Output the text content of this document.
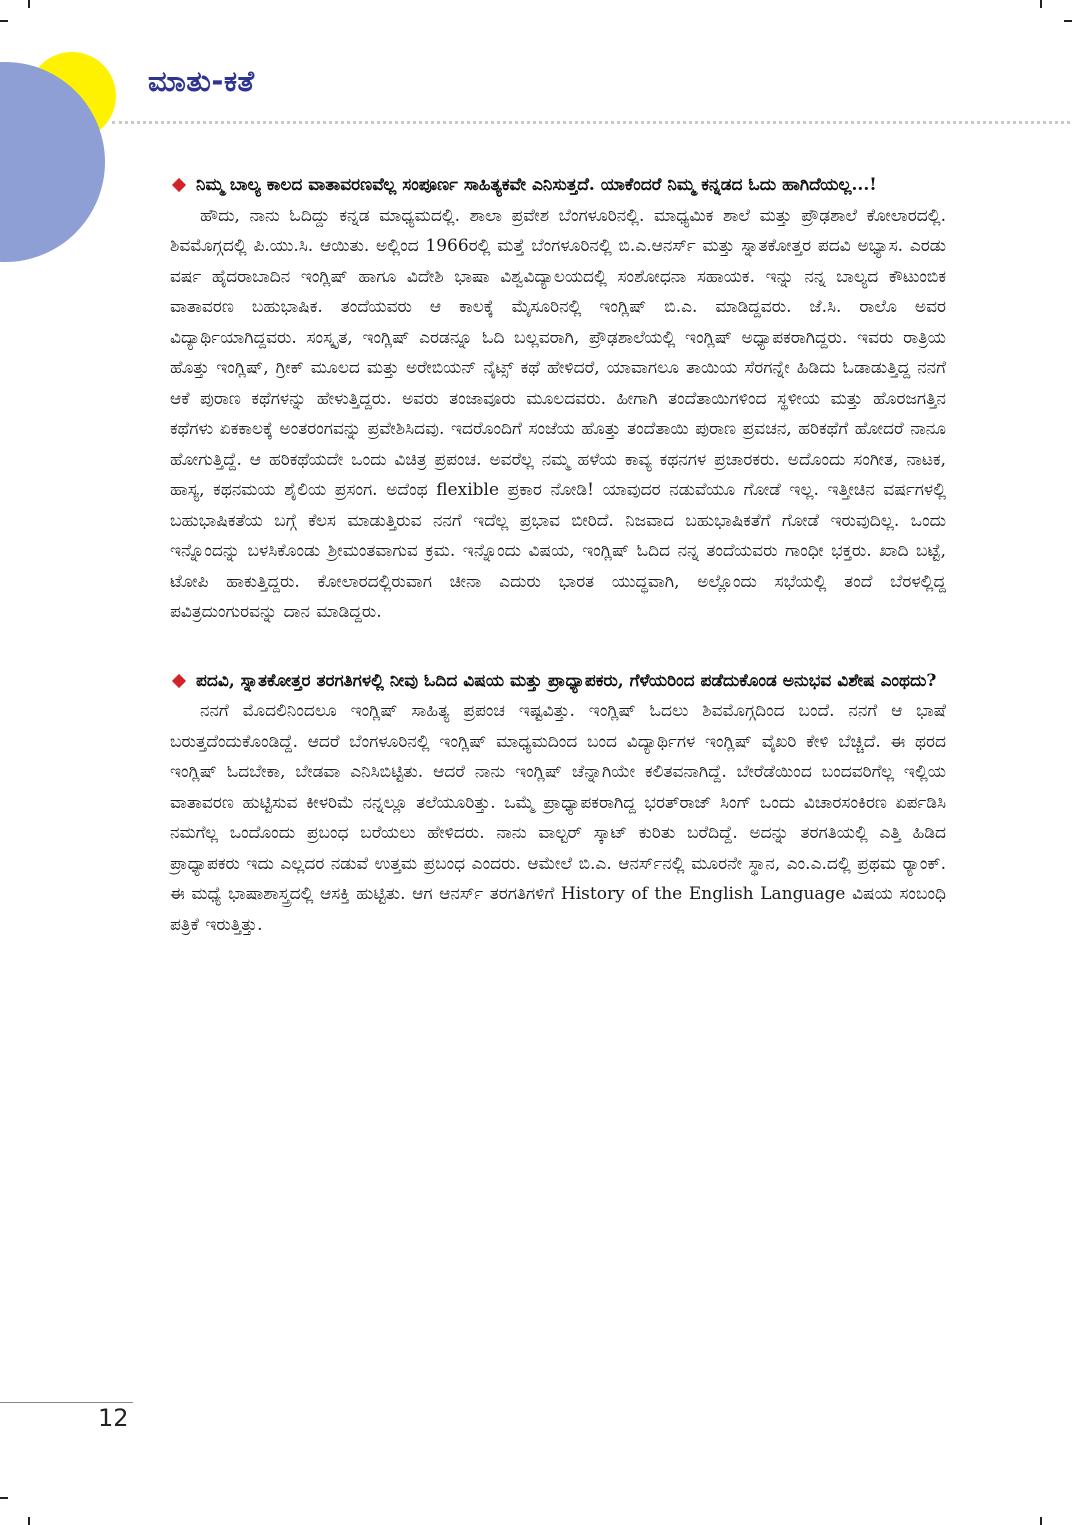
ಮಾತು-ಕತೆ

ನಿಮ್ಮ ಬಾಲ್ಯ ಕಾಲದ ವಾತಾವರಣವೆಲ್ಲ ಸಂಪೂರ್ಣ ಸಾಹಿತ್ಯಕವೇ ಎನಿಸುತ್ತದೆ. ಯಾಕೆಂದರೆ ನಿಮ್ಮ ಕನ್ನಡದ ಓದು ಹಾಗಿದೆಯಲ್ಲ...!

ಹೌದು, ನಾನು ಓದಿದ್ದು ಕನ್ನಡ ಮಾಧ್ಯಮದಲ್ಲಿ. ಶಾಲಾ ಪ್ರವೇಶ ಬೆಂಗಳೂರಿನಲ್ಲಿ. ಮಾಧ್ಯಮಿಕ ಶಾಲೆ ಮತ್ತು ಪ್ರೌಢಶಾಲೆ ಕೋಲಾರದಲ್ಲಿ. ಶಿವಮೊಗ್ಗದಲ್ಲಿ ಪಿ.ಯು.ಸಿ. ಆಯಿತು. ಅಲ್ಲಿಂದ 1966ರಲ್ಲಿ ಮತ್ತೆ ಬೆಂಗಳೂರಿನಲ್ಲಿ ಬಿ.ಎ.ಆನರ್ಸ್ ಮತ್ತು ಸ್ನಾತಕೋತ್ತರ ಪದವಿ ಅಭ್ಯಾಸ. ಎರಡು ವರ್ಷ ಹೈದರಾಬಾದಿನ ಇಂಗ್ಲಿಷ್ ಹಾಗೂ ವಿದೇಶಿ ಭಾಷಾ ವಿಶ್ವವಿದ್ಯಾಲಯದಲ್ಲಿ ಸಂಶೋಧನಾ ಸಹಾಯಕ. ಇನ್ನು ನನ್ನ ಬಾಲ್ಯದ ಕೌಟುಂಬಿಕ ವಾತಾವರಣ ಬಹುಭಾಷಿಕ. ತಂದೆಯವರು ಆ ಕಾಲಕ್ಕೆ ಮೈಸೂರಿನಲ್ಲಿ ಇಂಗ್ಲಿಷ್ ಬಿ.ಎ. ಮಾಡಿದ್ದವರು. ಜೆ.ಸಿ. ರಾಲೊ ಅವರ ವಿದ್ಯಾರ್ಥಿಯಾಗಿದ್ದವರು. ಸಂಸ್ಕೃತ, ಇಂಗ್ಲಿಷ್ ಎರಡನ್ನೂ ಓದಿ ಬಲ್ಲವರಾಗಿ, ಪ್ರೌಢಶಾಲೆಯಲ್ಲಿ ಇಂಗ್ಲಿಷ್ ಅಧ್ಯಾಪಕರಾಗಿದ್ದರು. ಇವರು ರಾತ್ರಿಯ ಹೊತ್ತು ಇಂಗ್ಲಿಷ್, ಗ್ರೀಕ್ ಮೂಲದ ಮತ್ತು ಅರೇಬಿಯನ್ ನೈಟ್ಸ್ ಕಥೆ ಹೇಳಿದರೆ, ಯಾವಾಗಲೂ ತಾಯಿಯ ಸೆರಗನ್ನೇ ಹಿಡಿದು ಓಡಾಡುತ್ತಿದ್ದ ನನಗೆ ಆಕೆ ಪುರಾಣ ಕಥೆಗಳನ್ನು ಹೇಳುತ್ತಿದ್ದರು. ಅವರು ತಂಜಾವೂರು ಮೂಲದವರು. ಹೀಗಾಗಿ ತಂದೆತಾಯಿಗಳಿಂದ ಸ್ಥಳೀಯ ಮತ್ತು ಹೊರಜಗತ್ತಿನ ಕಥೆಗಳು ಏಕಕಾಲಕ್ಕೆ ಅಂತರಂಗವನ್ನು ಪ್ರವೇಶಿಸಿದವು. ಇದರೊಂದಿಗೆ ಸಂಜೆಯ ಹೊತ್ತು ತಂದೆತಾಯಿ ಪುರಾಣ ಪ್ರವಚನ, ಹರಿಕಥೆಗೆ ಹೋದರೆ ನಾನೂ ಹೋಗುತ್ತಿದ್ದೆ. ಆ ಹರಿಕಥೆಯದೇ ಒಂದು ವಿಚಿತ್ರ ಪ್ರಪಂಚ. ಅವರೆಲ್ಲ ನಮ್ಮ ಹಳೆಯ ಕಾವ್ಯ ಕಥನಗಳ ಪ್ರಚಾರಕರು. ಅದೊಂದು ಸಂಗೀತ, ನಾಟಕ, ಹಾಸ್ಯ, ಕಥನಮಯ ಶೈಲಿಯ ಪ್ರಸಂಗ. ಅದೆಂಥ flexible ಪ್ರಕಾರ ನೋಡಿ! ಯಾವುದರ ನಡುವೆಯೂ ಗೋಡೆ ಇಲ್ಲ. ಇತ್ತೀಚಿನ ವರ್ಷಗಳಲ್ಲಿ ಬಹುಭಾಷಿಕತೆಯ ಬಗ್ಗೆ ಕೆಲಸ ಮಾಡುತ್ತಿರುವ ನನಗೆ ಇದೆಲ್ಲ ಪ್ರಭಾವ ಬೀರಿದೆ. ನಿಜವಾದ ಬಹುಭಾಷಿಕತೆಗೆ ಗೋಡೆ ಇರುವುದಿಲ್ಲ. ಒಂದು ಇನ್ನೊಂದನ್ನು ಬಳಸಿಕೊಂಡು ಶ್ರೀಮಂತವಾಗುವ ಕ್ರಮ. ಇನ್ನೊಂದು ವಿಷಯ, ಇಂಗ್ಲಿಷ್ ಓದಿದ ನನ್ನ ತಂದೆಯವರು ಗಾಂಧೀ ಭಕ್ತರು. ಖಾದಿ ಬಟ್ಟೆ, ಟೋಪಿ ಹಾಕುತ್ತಿದ್ದರು. ಕೋಲಾರದಲ್ಲಿರುವಾಗ ಚೀನಾ ಎದುರು ಭಾರತ ಯುದ್ಧವಾಗಿ, ಅಲ್ಲೊಂದು ಸಭೆಯಲ್ಲಿ ತಂದೆ ಬೆರಳಲ್ಲಿದ್ದ ಪವಿತ್ರದುಂಗುರವನ್ನು ದಾನ ಮಾಡಿದ್ದರು.

ಪದವಿ, ಸ್ನಾತಕೋತ್ತರ ತರಗತಿಗಳಲ್ಲಿ ನೀವು ಓದಿದ ವಿಷಯ ಮತ್ತು ಪ್ರಾಧ್ಯಾಪಕರು, ಗೆಳೆಯರಿಂದ ಪಡೆದುಕೊಂಡ ಅನುಭವ ವಿಶೇಷ ಎಂಥದು?

ನನಗೆ ಮೊದಲಿನಿಂದಲೂ ಇಂಗ್ಲಿಷ್ ಸಾಹಿತ್ಯ ಪ್ರಪಂಚ ಇಷ್ಟವಿತ್ತು. ಇಂಗ್ಲಿಷ್ ಓದಲು ಶಿವಮೊಗ್ಗದಿಂದ ಬಂದೆ. ನನಗೆ ಆ ಭಾಷೆ ಬರುತ್ತದೆಂದುಕೊಂಡಿದ್ದೆ. ಆದರೆ ಬೆಂಗಳೂರಿನಲ್ಲಿ ಇಂಗ್ಲಿಷ್ ಮಾಧ್ಯಮದಿಂದ ಬಂದ ವಿದ್ಯಾರ್ಥಿಗಳ ಇಂಗ್ಲಿಷ್ ವೈಖರಿ ಕೇಳಿ ಬೆಚ್ಚಿದೆ. ಈ ಥರದ ಇಂಗ್ಲಿಷ್ ಓದಬೇಕಾ, ಬೇಡವಾ ಎನಿಸಿಬಿಟ್ಟಿತು. ಆದರೆ ನಾನು ಇಂಗ್ಲಿಷ್ ಚೆನ್ನಾಗಿಯೇ ಕಲಿತವನಾಗಿದ್ದೆ. ಬೇರೆಡೆಯಿಂದ ಬಂದವರಿಗೆಲ್ಲ ಇಲ್ಲಿಯ ವಾತಾವರಣ ಹುಟ್ಟಿಸುವ ಕೀಳರಿಮೆ ನನ್ನಲ್ಲೂ ತಲೆಯೂರಿತ್ತು. ಒಮ್ಮೆ ಪ್ರಾಧ್ಯಾಪಕರಾಗಿದ್ದ ಭರತ್‌ರಾಜ್ ಸಿಂಗ್ ಒಂದು ವಿಚಾರಸಂಕಿರಣ ಏರ್ಪಡಿಸಿ ನಮಗೆಲ್ಲ ಒಂದೊಂದು ಪ್ರಬಂಧ ಬರೆಯಲು ಹೇಳಿದರು. ನಾನು ವಾಲ್ಟರ್ ಸ್ಕಾಟ್ ಕುರಿತು ಬರೆದಿದ್ದೆ. ಅದನ್ನು ತರಗತಿಯಲ್ಲಿ ಎತ್ತಿ ಹಿಡಿದ ಪ್ರಾಧ್ಯಾಪಕರು ಇದು ಎಲ್ಲದರ ನಡುವೆ ಉತ್ತಮ ಪ್ರಬಂಧ ಎಂದರು. ಆಮೇಲೆ ಬಿ.ಎ. ಆನರ್ಸ್‌ನಲ್ಲಿ ಮೂರನೇ ಸ್ಥಾನ, ಎಂ.ಎ.ದಲ್ಲಿ ಪ್ರಥಮ ರ್‍ಯಾಂಕ್. ಈ ಮಧ್ಯೆ ಭಾಷಾಶಾಸ್ತ್ರದಲ್ಲಿ ಆಸಕ್ತಿ ಹುಟ್ಟಿತು. ಆಗ ಆನರ್ಸ್ ತರಗತಿಗಳಿಗೆ History of the English Language ವಿಷಯ ಸಂಬಂಧಿ ಪತ್ರಿಕೆ ಇರುತ್ತಿತ್ತು.

12
